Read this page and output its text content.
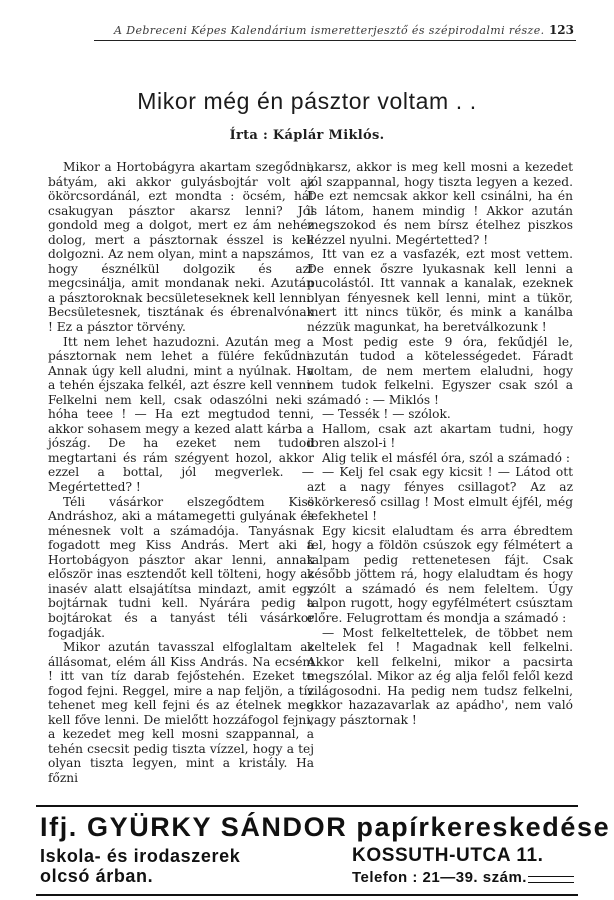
A Debreceni Képes Kalendárium ismeretterjesztő és szépirodalmi része. 123
Mikor még én pásztor voltam . .
Írta : Káplár Miklós.

Mikor a Hortobágyra akartam szegődni, bátyám, aki akkor gulyásbojtár volt az ökörcsordánál, ezt mondta : öcsém, hát csakugyan pásztor akarsz lenni? Jól gondold meg a dolgot, mert ez ám nehéz dolog, mert a pásztornak ésszel is kell dolgozni. Az nem olyan, mint a napszámos, hogy észnélkül dolgozik és azt megcsinálja, amit mondanak neki. Azután a pásztoroknak becsületeseknek kell lenni. Becsületesnek, tisztának és ébrenalvónak ! Ez a pásztor törvény.

Itt nem lehet hazudozni. Azután meg a pásztornak nem lehet a fülére fekűdni. Annak úgy kell aludni, mint a nyúlnak. Ha a tehén éjszaka felkél, azt észre kell venni. Felkelni nem kell, csak odaszólni neki : hóha teee ! — Ha ezt megtudod tenni, akkor sohasem megy a kezed alatt kárba a jószág. De ha ezeket nem tudod megtartani és rám szégyent hozol, akkor ezzel a bottal, jól megverlek. — Megértetted? !

Téli vásárkor elszegődtem Kiss Andráshoz, aki a mátamegetti gulyának és ménesnek volt a számadója. Tanyásnak fogadott meg Kiss András. Mert aki a Hortobágyon pásztor akar lenni, annak először inas esztendőt kell tölteni, hogy az inasév alatt elsajátítsa mindazt, amit egy bojtárnak tudni kell. Nyárára pedig a bojtárokat és a tanyást téli vásárkor fogadják.

Mikor azután tavasszal elfoglaltam az állásomat, elém áll Kiss András. Na ecsém ! itt van tíz darab fejőstehén. Ezeket te fogod fejni. Reggel, mire a nap feljön, a tíz tehenet meg kell fejni és az ételnek meg kell főve lenni. De mielőtt hozzáfogol fejni, a kezedet meg kell mosni szappannal, a tehén csecsit pedig tiszta vízzel, hogy a tej olyan tiszta legyen, mint a kristály. Ha főzni

akarsz, akkor is meg kell mosni a kezedet jól szappannal, hogy tiszta legyen a kezed. De ezt nemcsak akkor kell csinálni, ha én is látom, hanem mindig ! Akkor azután megszokod és nem bírsz ételhez piszkos kézzel nyulni. Megértetted? !

Itt van ez a vasfazék, ezt most vettem. De ennek őszre lyukasnak kell lenni a pucolástól. Itt vannak a kanalak, ezeknek olyan fényesnek kell lenni, mint a tükör, mert itt nincs tükör, és mink a kanálba nézzük magunkat, ha beretválkozunk !

Most pedig este 9 óra, fekűdjél le, azután tudod a kötelességedet. Fáradt voltam, de nem mertem elaludni, hogy nem tudok felkelni. Egyszer csak szól a számadó : — Miklós !

— Tessék ! — szólok.

Hallom, csak azt akartam tudni, hogy ibren alszol-i !

Alig telik el másfél óra, szól a számadó :

— Kelj fel csak egy kicsit ! — Látod ott azt a nagy fényes csillagot? Az az ökörkereső csillag ! Most elmult éjfél, még lefekhetel !

Egy kicsit elaludtam és arra ébredtem fel, hogy a földön csúszok egy félmétert a talpam pedig rettenetesen fájt. Csak később jöttem rá, hogy elaludtam és hogy szólt a számadó és nem feleltem. Úgy talpon rugott, hogy egyfélmétert csúsztam előre. Felugrottam és mondja a számadó :

— Most felkeltettelek, de többet nem keltelek fel ! Magadnak kell felkelni. Akkor kell felkelni, mikor a pacsirta megszólal. Mikor az ég alja felől felől kezd világosodni. Ha pedig nem tudsz felkelni, akkor hazazavarlak az apádho', nem való vagy pásztornak !

Ifj. GYÜRKY SÁNDOR papírkereskedése
Iskola- és irodaszerek	KOSSUTH-UTCA 11.
olcsó árban.	Telefon : 21—39. szám.
